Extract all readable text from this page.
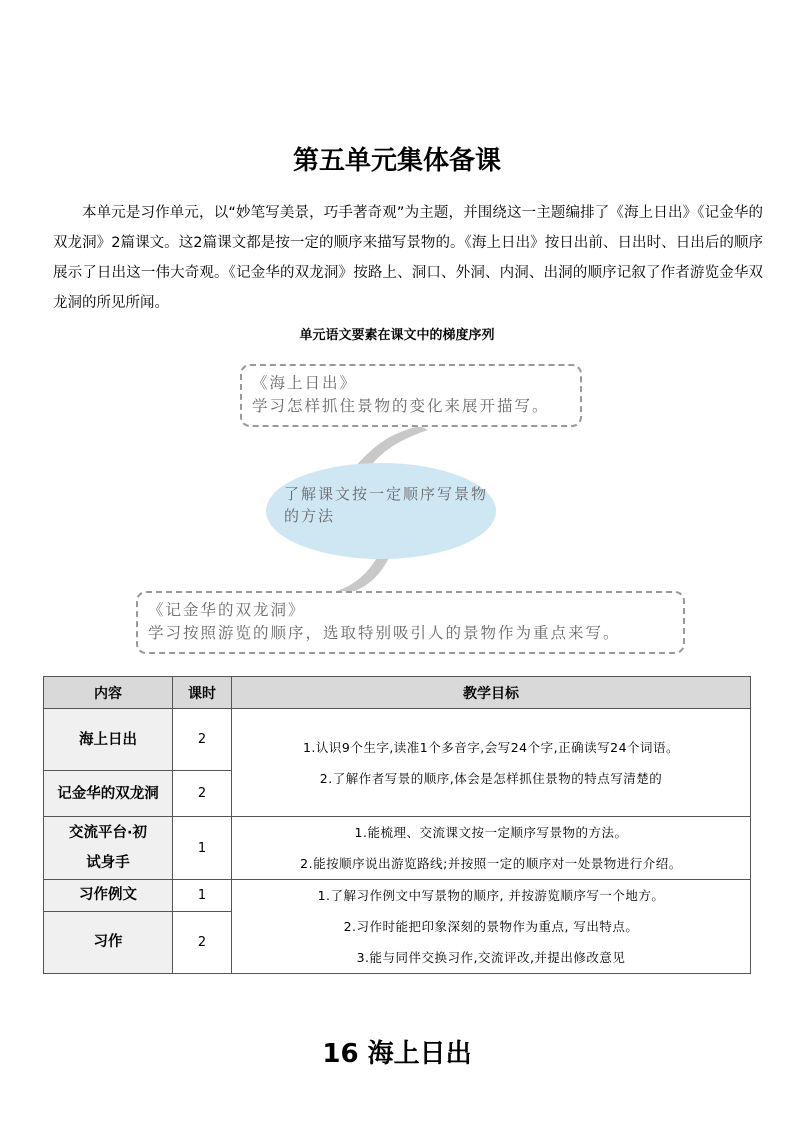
第五单元集体备课

本单元是习作单元，以“妙笔写美景，巧手著奇观”为主题，并围绕这一主题编排了《海上日出》《记金华的双龙洞》2篇课文。这2篇课文都是按一定的顺序来描写景物的。《海上日出》按日出前、日出时、日出后的顺序展示了日出这一伟大奇观。《记金华的双龙洞》按路上、洞口、外洞、内洞、出洞的顺序记叙了作者游览金华双龙洞的所见所闻。

单元语文要素在课文中的梯度序列
了解课文按一定顺序写景物的方法
《海上日出》
学习怎样抓住景物的变化来展开描写。
《记金华的双龙洞》
学习按照游览的顺序，选取特别吸引人的景物作为重点来写。
内容	课时	教学目标
海上日出	2	1.认识9个生字,读准1个多音字,会写24个字,正确读写24个词语。
2.了解作者写景的顺序,体会是怎样抓住景物的特点写清楚的

记金华的双龙洞	2	
交流平台·初试身手	1	1.能梳理、交流课文按一定顺序写景物的方法。
2.能按顺序说出游览路线;并按照一定的顺序对一处景物进行介绍。

习作例文	1	1.了解习作例文中写景物的顺序, 并按游览顺序写一个地方。
2.习作时能把印象深刻的景物作为重点, 写出特点。
3.能与同伴交换习作,交流评改,并提出修改意见

习作	2	
16 海上日出
